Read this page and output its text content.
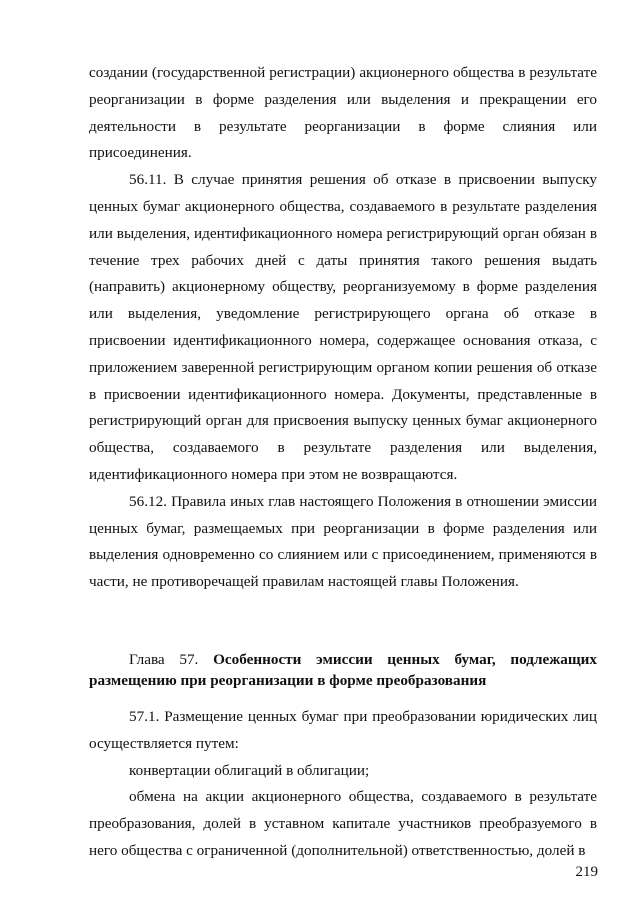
создании (государственной регистрации) акционерного общества в результате реорганизации в форме разделения или выделения и прекращении его деятельности в результате реорганизации в форме слияния или присоединения.

56.11. В случае принятия решения об отказе в присвоении выпуску ценных бумаг акционерного общества, создаваемого в результате разделения или выделения, идентификационного номера регистрирующий орган обязан в течение трех рабочих дней с даты принятия такого решения выдать (направить) акционерному обществу, реорганизуемому в форме разделения или выделения, уведомление регистрирующего органа об отказе в присвоении идентификационного номера, содержащее основания отказа, с приложением заверенной регистрирующим органом копии решения об отказе в присвоении идентификационного номера. Документы, представленные в регистрирующий орган для присвоения выпуску ценных бумаг акционерного общества, создаваемого в результате разделения или выделения, идентификационного номера при этом не возвращаются.

56.12. Правила иных глав настоящего Положения в отношении эмиссии ценных бумаг, размещаемых при реорганизации в форме разделения или выделения одновременно со слиянием или с присоединением, применяются в части, не противоречащей правилам настоящей главы Положения.

Глава 57. Особенности эмиссии ценных бумаг, подлежащих размещению при реорганизации в форме преобразования

57.1. Размещение ценных бумаг при преобразовании юридических лиц осуществляется путем:

конвертации облигаций в облигации;

обмена на акции акционерного общества, создаваемого в результате преобразования, долей в уставном капитале участников преобразуемого в него общества с ограниченной (дополнительной) ответственностью, долей в

219
